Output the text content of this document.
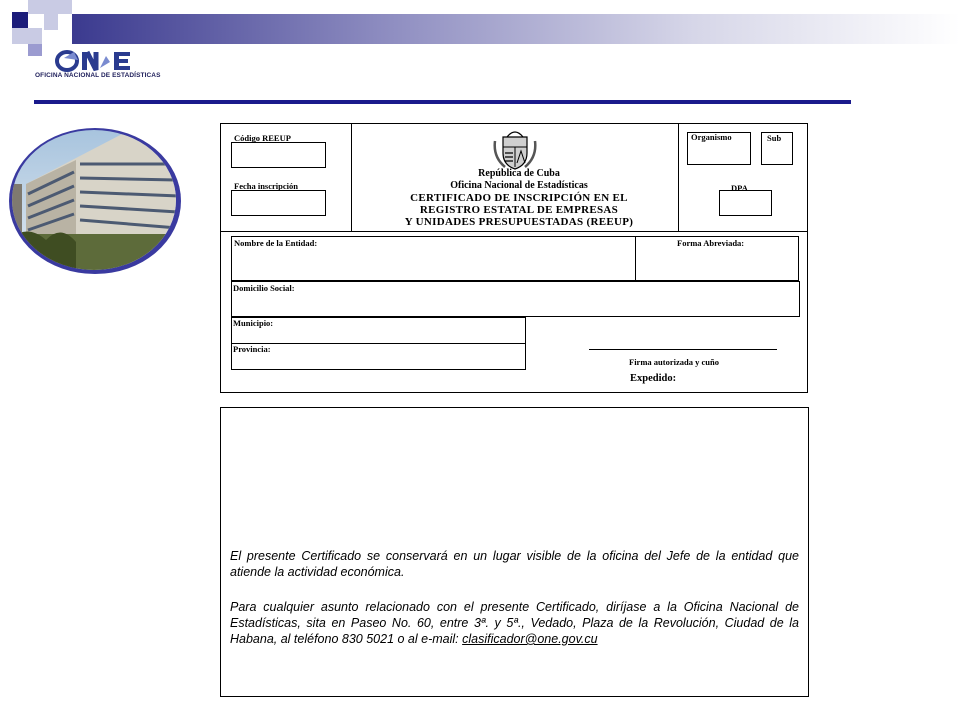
OFICINA NACIONAL DE ESTADÍSTICAS
Código REEUP
Fecha inscripción
República de Cuba
Oficina Nacional de Estadísticas
CERTIFICADO DE INSCRIPCIÓN EN EL
REGISTRO ESTATAL DE EMPRESAS
Y UNIDADES PRESUPUESTADAS (REEUP)
Organismo	Sub
DPA
Nombre de la Entidad:	Forma Abreviada:
Domicilio Social:
Municipio:
Provincia:
Firma autorizada y cuño
Expedido:

El presente Certificado se conservará en un lugar visible de la oficina del Jefe de la entidad que atiende la actividad económica.

Para cualquier asunto relacionado con el presente Certificado, diríjase a la Oficina Nacional de Estadísticas, sita en Paseo No. 60, entre 3ª. y 5ª., Vedado, Plaza de la Revolución, Ciudad de la Habana, al teléfono 830 5021 o al e-mail: clasificador@one.gov.cu
